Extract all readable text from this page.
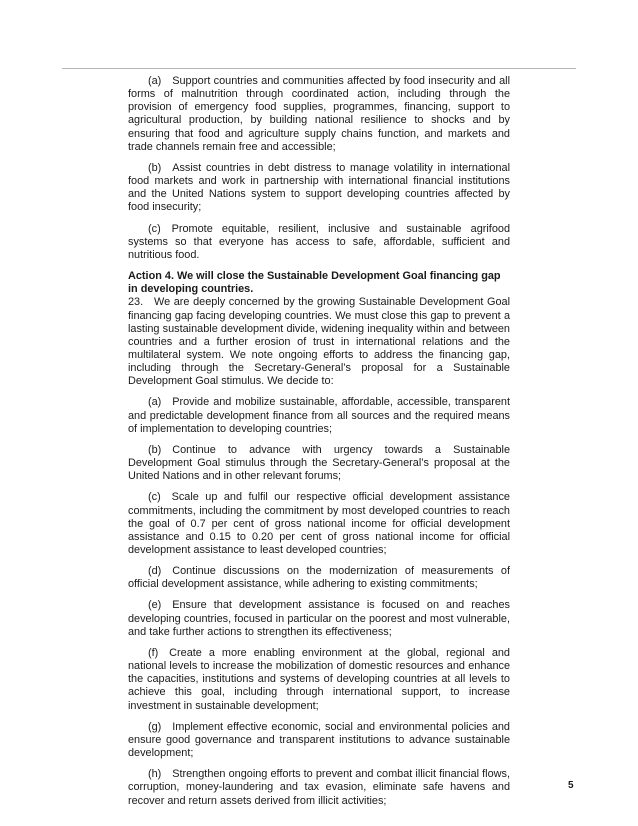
(a) Support countries and communities affected by food insecurity and all forms of malnutrition through coordinated action, including through the provision of emergency food supplies, programmes, financing, support to agricultural production, by building national resilience to shocks and by ensuring that food and agriculture supply chains function, and markets and trade channels remain free and accessible;

(b) Assist countries in debt distress to manage volatility in international food markets and work in partnership with international financial institutions and the United Nations system to support developing countries affected by food insecurity;

(c) Promote equitable, resilient, inclusive and sustainable agrifood systems so that everyone has access to safe, affordable, sufficient and nutritious food.

Action 4. We will close the Sustainable Development Goal financing gap in developing countries.

23. We are deeply concerned by the growing Sustainable Development Goal financing gap facing developing countries. We must close this gap to prevent a lasting sustainable development divide, widening inequality within and between countries and a further erosion of trust in international relations and the multilateral system. We note ongoing efforts to address the financing gap, including through the Secretary-General’s proposal for a Sustainable Development Goal stimulus. We decide to:

(a) Provide and mobilize sustainable, affordable, accessible, transparent and predictable development finance from all sources and the required means of implementation to developing countries;

(b) Continue to advance with urgency towards a Sustainable Development Goal stimulus through the Secretary-General’s proposal at the United Nations and in other relevant forums;

(c) Scale up and fulfil our respective official development assistance commitments, including the commitment by most developed countries to reach the goal of 0.7 per cent of gross national income for official development assistance and 0.15 to 0.20 per cent of gross national income for official development assistance to least developed countries;

(d) Continue discussions on the modernization of measurements of official development assistance, while adhering to existing commitments;

(e) Ensure that development assistance is focused on and reaches developing countries, focused in particular on the poorest and most vulnerable, and take further actions to strengthen its effectiveness;

(f) Create a more enabling environment at the global, regional and national levels to increase the mobilization of domestic resources and enhance the capacities, institutions and systems of developing countries at all levels to achieve this goal, including through international support, to increase investment in sustainable development;

(g) Implement effective economic, social and environmental policies and ensure good governance and transparent institutions to advance sustainable development;

(h) Strengthen ongoing efforts to prevent and combat illicit financial flows, corruption, money-laundering and tax evasion, eliminate safe havens and recover and return assets derived from illicit activities;

5
